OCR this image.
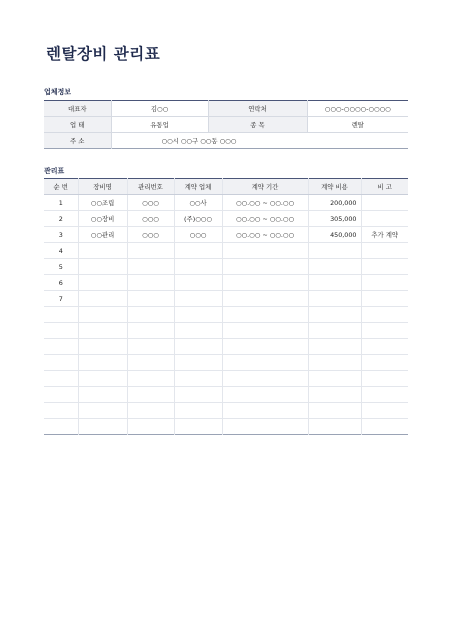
렌탈장비 관리표
업체정보
대표자	김○○	연락처	○○○-○○○○-○○○○
업 태	유통업	종 목	렌탈
주 소	○○시 ○○구 ○○동 ○○○		
관리표
순 번	장비명	관리번호	계약 업체	계약 기간	계약 비용	비 고
1	○○조립	○○○	○○사	○○.○○ ~ ○○.○○	200,000	
2	○○장비	○○○	(주)○○○	○○.○○ ~ ○○.○○	305,000	
3	○○관리	○○○	○○○	○○.○○ ~ ○○.○○	450,000	추가 계약
4						
5						
6						
7						
